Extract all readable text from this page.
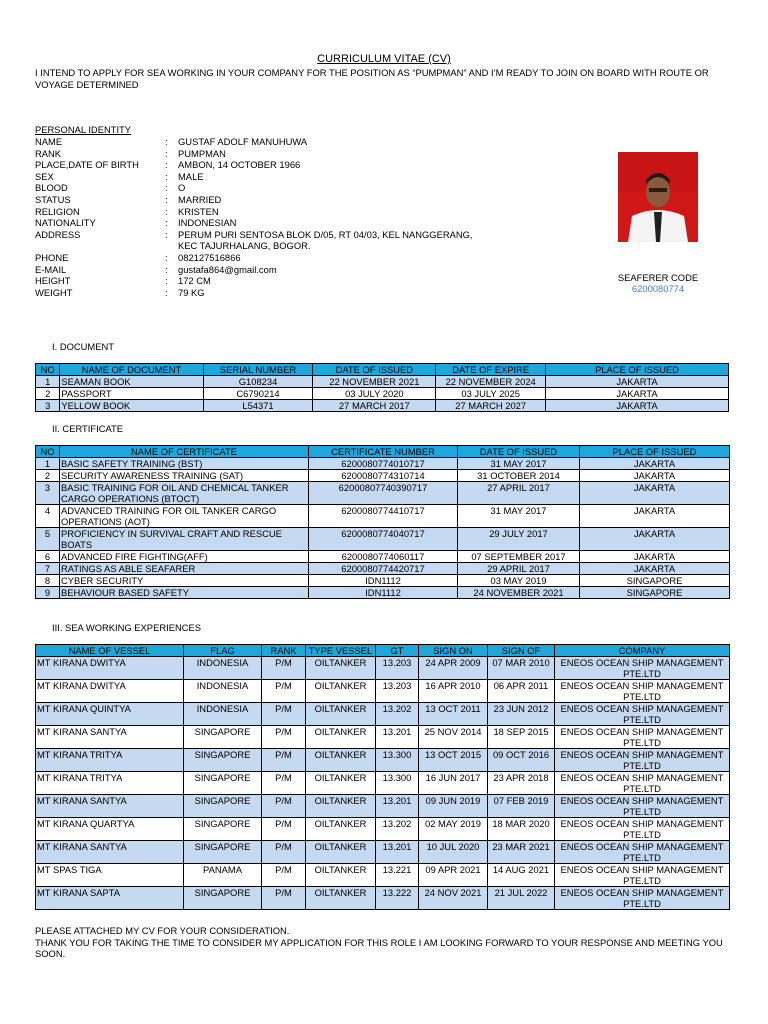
CURRICULUM VITAE (CV)
I INTEND TO APPLY FOR SEA WORKING IN YOUR COMPANY FOR THE POSITION AS “PUMPMAN” AND I’M READY TO JOIN ON BOARD WITH ROUTE OR VOYAGE DETERMINED
PERSONAL IDENTITY
NAME	:	GUSTAF ADOLF MANUHUWA
RANK	:	PUMPMAN
PLACE,DATE OF BIRTH	:	AMBON, 14 OCTOBER 1966
SEX	:	MALE
BLOOD	:	O
STATUS	:	MARRIED
RELIGION	:	KRISTEN
NATIONALITY	:	INDONESIAN
ADDRESS	:	PERUM PURI SENTOSA BLOK D/05, RT 04/03, KEL NANGGERANG,
KEC TAJURHALANG, BOGOR.
PHONE	:	082127516866
E-MAIL	:	gustafa864@gmail.com
HEIGHT	:	172 CM
WEIGHT	:	79 KG
SEAFERER CODE
6200080774
I. DOCUMENT
NO	NAME OF DOCUMENT	SERIAL NUMBER	DATE OF ISSUED	DATE OF EXPIRE	PLACE OF ISSUED
1	SEAMAN BOOK	G108234	22 NOVEMBER 2021	22 NOVEMBER 2024	JAKARTA
2	PASSPORT	C6790214	03 JULY 2020	03 JULY 2025	JAKARTA
3	YELLOW BOOK	L54371	27 MARCH 2017	27 MARCH 2027	JAKARTA
II. CERTIFICATE
NO	NAME OF CERTIFICATE	CERTIFICATE NUMBER	DATE OF ISSUED	PLACE OF ISSUED
1	BASIC SAFETY TRAINING (BST)	6200080774010717	31 MAY 2017	JAKARTA
2	SECURITY AWARENESS TRAINING (SAT)	6200080774310714	31 OCTOBER 2014	JAKARTA
3	BASIC TRAINING FOR OIL AND CHEMICAL TANKER CARGO OPERATIONS (BTOCT)	62000807740390717	27 APRIL 2017	JAKARTA
4	ADVANCED TRAINING FOR OIL TANKER CARGO OPERATIONS (AOT)	6200080774410717	31 MAY 2017	JAKARTA
5	PROFICIENCY IN SURVIVAL CRAFT AND RESCUE BOATS	6200080774040717	29 JULY 2017	JAKARTA
6	ADVANCED FIRE FIGHTING(AFF)	6200080774060117	07 SEPTEMBER 2017	JAKARTA
7	RATINGS AS ABLE SEAFARER	6200080774420717	29 APRIL 2017	JAKARTA
8	CYBER SECURITY	IDN1112	03 MAY 2019	SINGAPORE
9	BEHAVIOUR BASED SAFETY	IDN1112	24 NOVEMBER 2021	SINGAPORE
III. SEA WORKING EXPERIENCES
NAME OF VESSEL	FLAG	RANK	TYPE VESSEL	GT	SIGN ON	SIGN OF	COMPANY
MT KIRANA DWITYA	INDONESIA	P/M	OILTANKER	13.203	24 APR 2009	07 MAR 2010	ENEOS OCEAN SHIP MANAGEMENT PTE.LTD
MT KIRANA DWITYA	INDONESIA	P/M	OILTANKER	13.203	16 APR 2010	06 APR 2011	ENEOS OCEAN SHIP MANAGEMENT PTE.LTD
MT KIRANA QUINTYA	INDONESIA	P/M	OILTANKER	13.202	13 OCT 2011	23 JUN 2012	ENEOS OCEAN SHIP MANAGEMENT PTE.LTD
MT KIRANA SANTYA	SINGAPORE	P/M	OILTANKER	13.201	25 NOV 2014	18 SEP 2015	ENEOS OCEAN SHIP MANAGEMENT PTE.LTD
MT KIRANA TRITYA	SINGAPORE	P/M	OILTANKER	13.300	13 OCT 2015	09 OCT 2016	ENEOS OCEAN SHIP MANAGEMENT PTE.LTD
MT KIRANA TRITYA	SINGAPORE	P/M	OILTANKER	13.300	16 JUN 2017	23 APR 2018	ENEOS OCEAN SHIP MANAGEMENT PTE.LTD
MT KIRANA SANTYA	SINGAPORE	P/M	OILTANKER	13.201	09 JUN 2019	07 FEB 2019	ENEOS OCEAN SHIP MANAGEMENT PTE.LTD
MT KIRANA QUARTYA	SINGAPORE	P/M	OILTANKER	13.202	02 MAY 2019	18 MAR 2020	ENEOS OCEAN SHIP MANAGEMENT PTE.LTD
MT KIRANA SANTYA	SINGAPORE	P/M	OILTANKER	13.201	10 JUL 2020	23 MAR 2021	ENEOS OCEAN SHIP MANAGEMENT PTE.LTD
MT SPAS TIGA	PANAMA	P/M	OILTANKER	13.221	09 APR 2021	14 AUG 2021	ENEOS OCEAN SHIP MANAGEMENT PTE.LTD
MT KIRANA SAPTA	SINGAPORE	P/M	OILTANKER	13.222	24 NOV 2021	21 JUL 2022	ENEOS OCEAN SHIP MANAGEMENT PTE.LTD
PLEASE ATTACHED MY CV FOR YOUR CONSIDERATION.
THANK YOU FOR TAKING THE TIME TO CONSIDER MY APPLICATION FOR THIS ROLE I AM LOOKING FORWARD TO YOUR RESPONSE AND MEETING YOU SOON.
